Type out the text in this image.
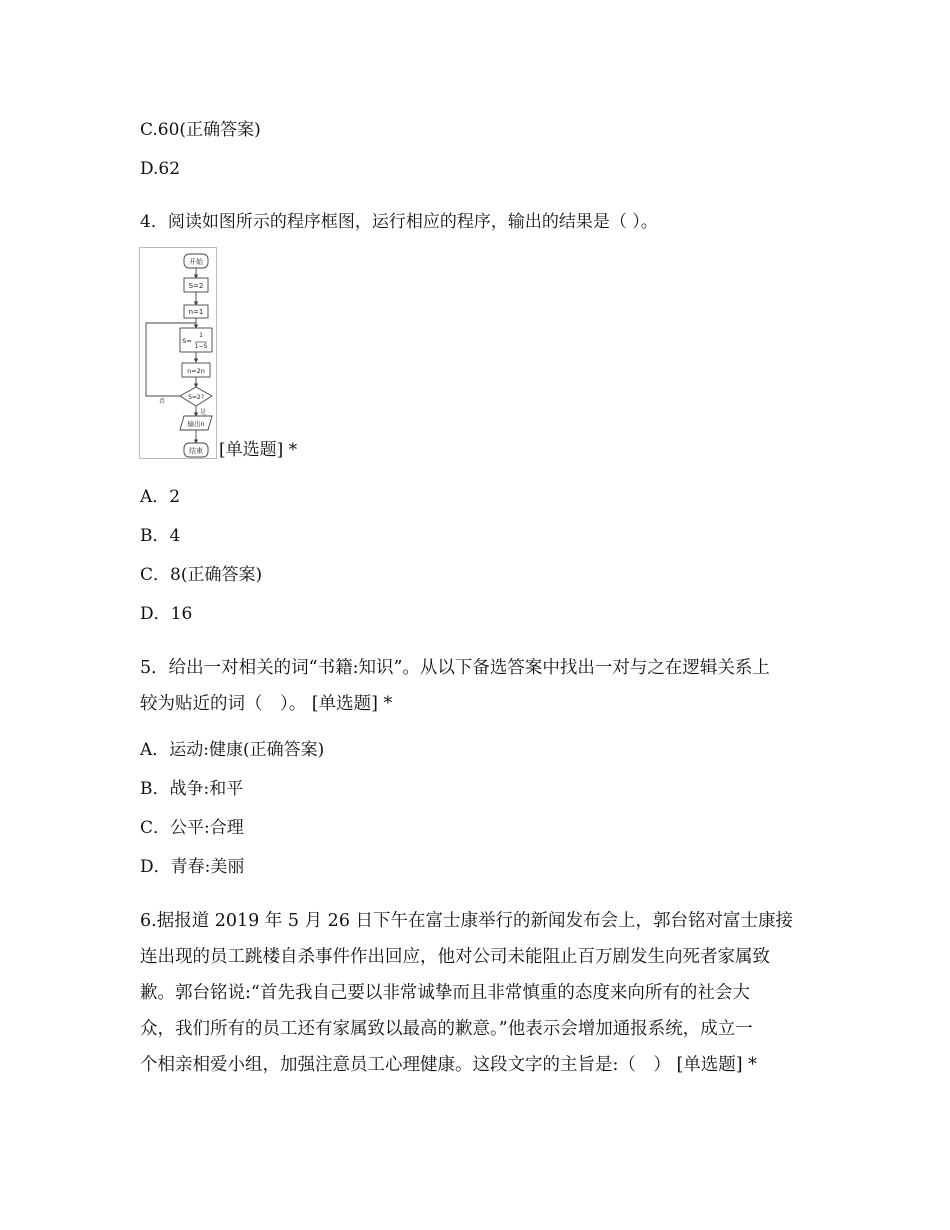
C.60(正确答案)
D.62
4．阅读如图所示的程序框图，运行相应的程序，输出的结果是（ ）。
开始
S=2
n=1
S=
1
1−S
n=2n
S=2?
否
是
输出n
结束 [单选题] *
A．2
B．4
C．8(正确答案)
D．16
5．给出一对相关的词“书籍:知识”。从以下备选答案中找出一对与之在逻辑关系上
较为贴近的词（　）。 [单选题] *
A．运动:健康(正确答案)
B．战争:和平
C．公平:合理
D．青春:美丽
6.据报道 2019 年 5 月 26 日下午在富士康举行的新闻发布会上，郭台铭对富士康接
连出现的员工跳楼自杀事件作出回应，他对公司未能阻止百万剧发生向死者家属致
歉。郭台铭说:“首先我自己要以非常诚挚而且非常慎重的态度来向所有的社会大
众，我们所有的员工还有家属致以最高的歉意。”他表示会增加通报系统，成立一
个相亲相爱小组，加强注意员工心理健康。这段文字的主旨是:（　） [单选题] *
